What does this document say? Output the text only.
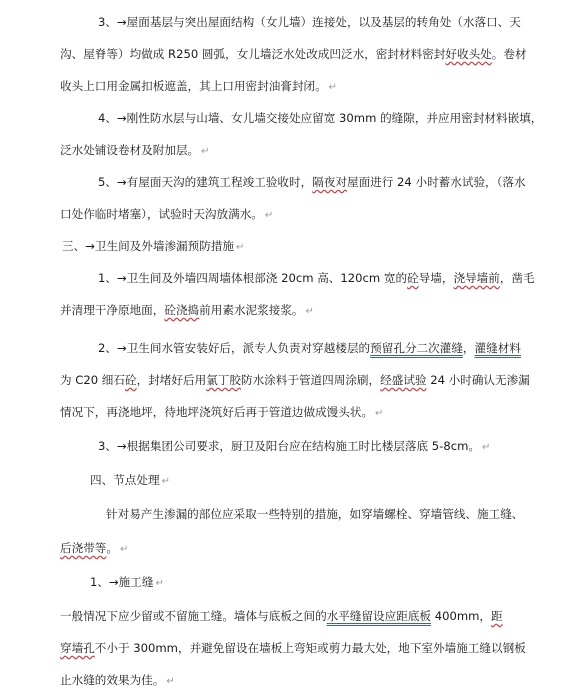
3、→屋面基层与突出屋面结构（女儿墙）连接处，以及基层的转角处（水落口、天
沟、屋脊等）均做成 R250 圆弧，女儿墙泛水处改成凹泛水，密封材料密封好收头处。卷材
收头上口用金属扣板遮盖，其上口用密封油膏封闭。 ↵
4、→刚性防水层与山墙、女儿墙交接处应留宽 30mm 的缝隙，并应用密封材料嵌填，
泛水处铺设卷材及附加层。 ↵
5、→有屋面天沟的建筑工程竣工验收时，隔夜对屋面进行 24 小时蓄水试验，（落水
口处作临时堵塞），试验时天沟放满水。 ↵
三、→卫生间及外墙渗漏预防措施 ↵
1、→卫生间及外墙四周墙体根部浇 20cm 高、120cm 宽的砼导墙，浇导墙前，凿毛
并清理干净原地面，砼浇捣前用素水泥浆接浆。 ↵
2、→卫生间水管安装好后，派专人负责对穿越楼层的预留孔分二次灌缝，灌缝材料
为 C20 细石砼，封堵好后用氯丁胶防水涂料于管道四周涂刷，经盛试验 24 小时确认无渗漏
情况下，再浇地坪，待地坪浇筑好后再于管道边做成馒头状。 ↵
3、→根据集团公司要求，厨卫及阳台应在结构施工时比楼层落底 5-8cm。 ↵
四、节点处理 ↵
针对易产生渗漏的部位应采取一些特别的措施，如穿墙螺栓、穿墙管线、施工缝、
后浇带等。 ↵
1、→施工缝 ↵
一般情况下应少留或不留施工缝。墙体与底板之间的水平缝留设应距底板 400mm，距
穿墙孔不小于 300mm，并避免留设在墙板上弯矩或剪力最大处，地下室外墙施工缝以钢板
止水缝的效果为佳。 ↵
